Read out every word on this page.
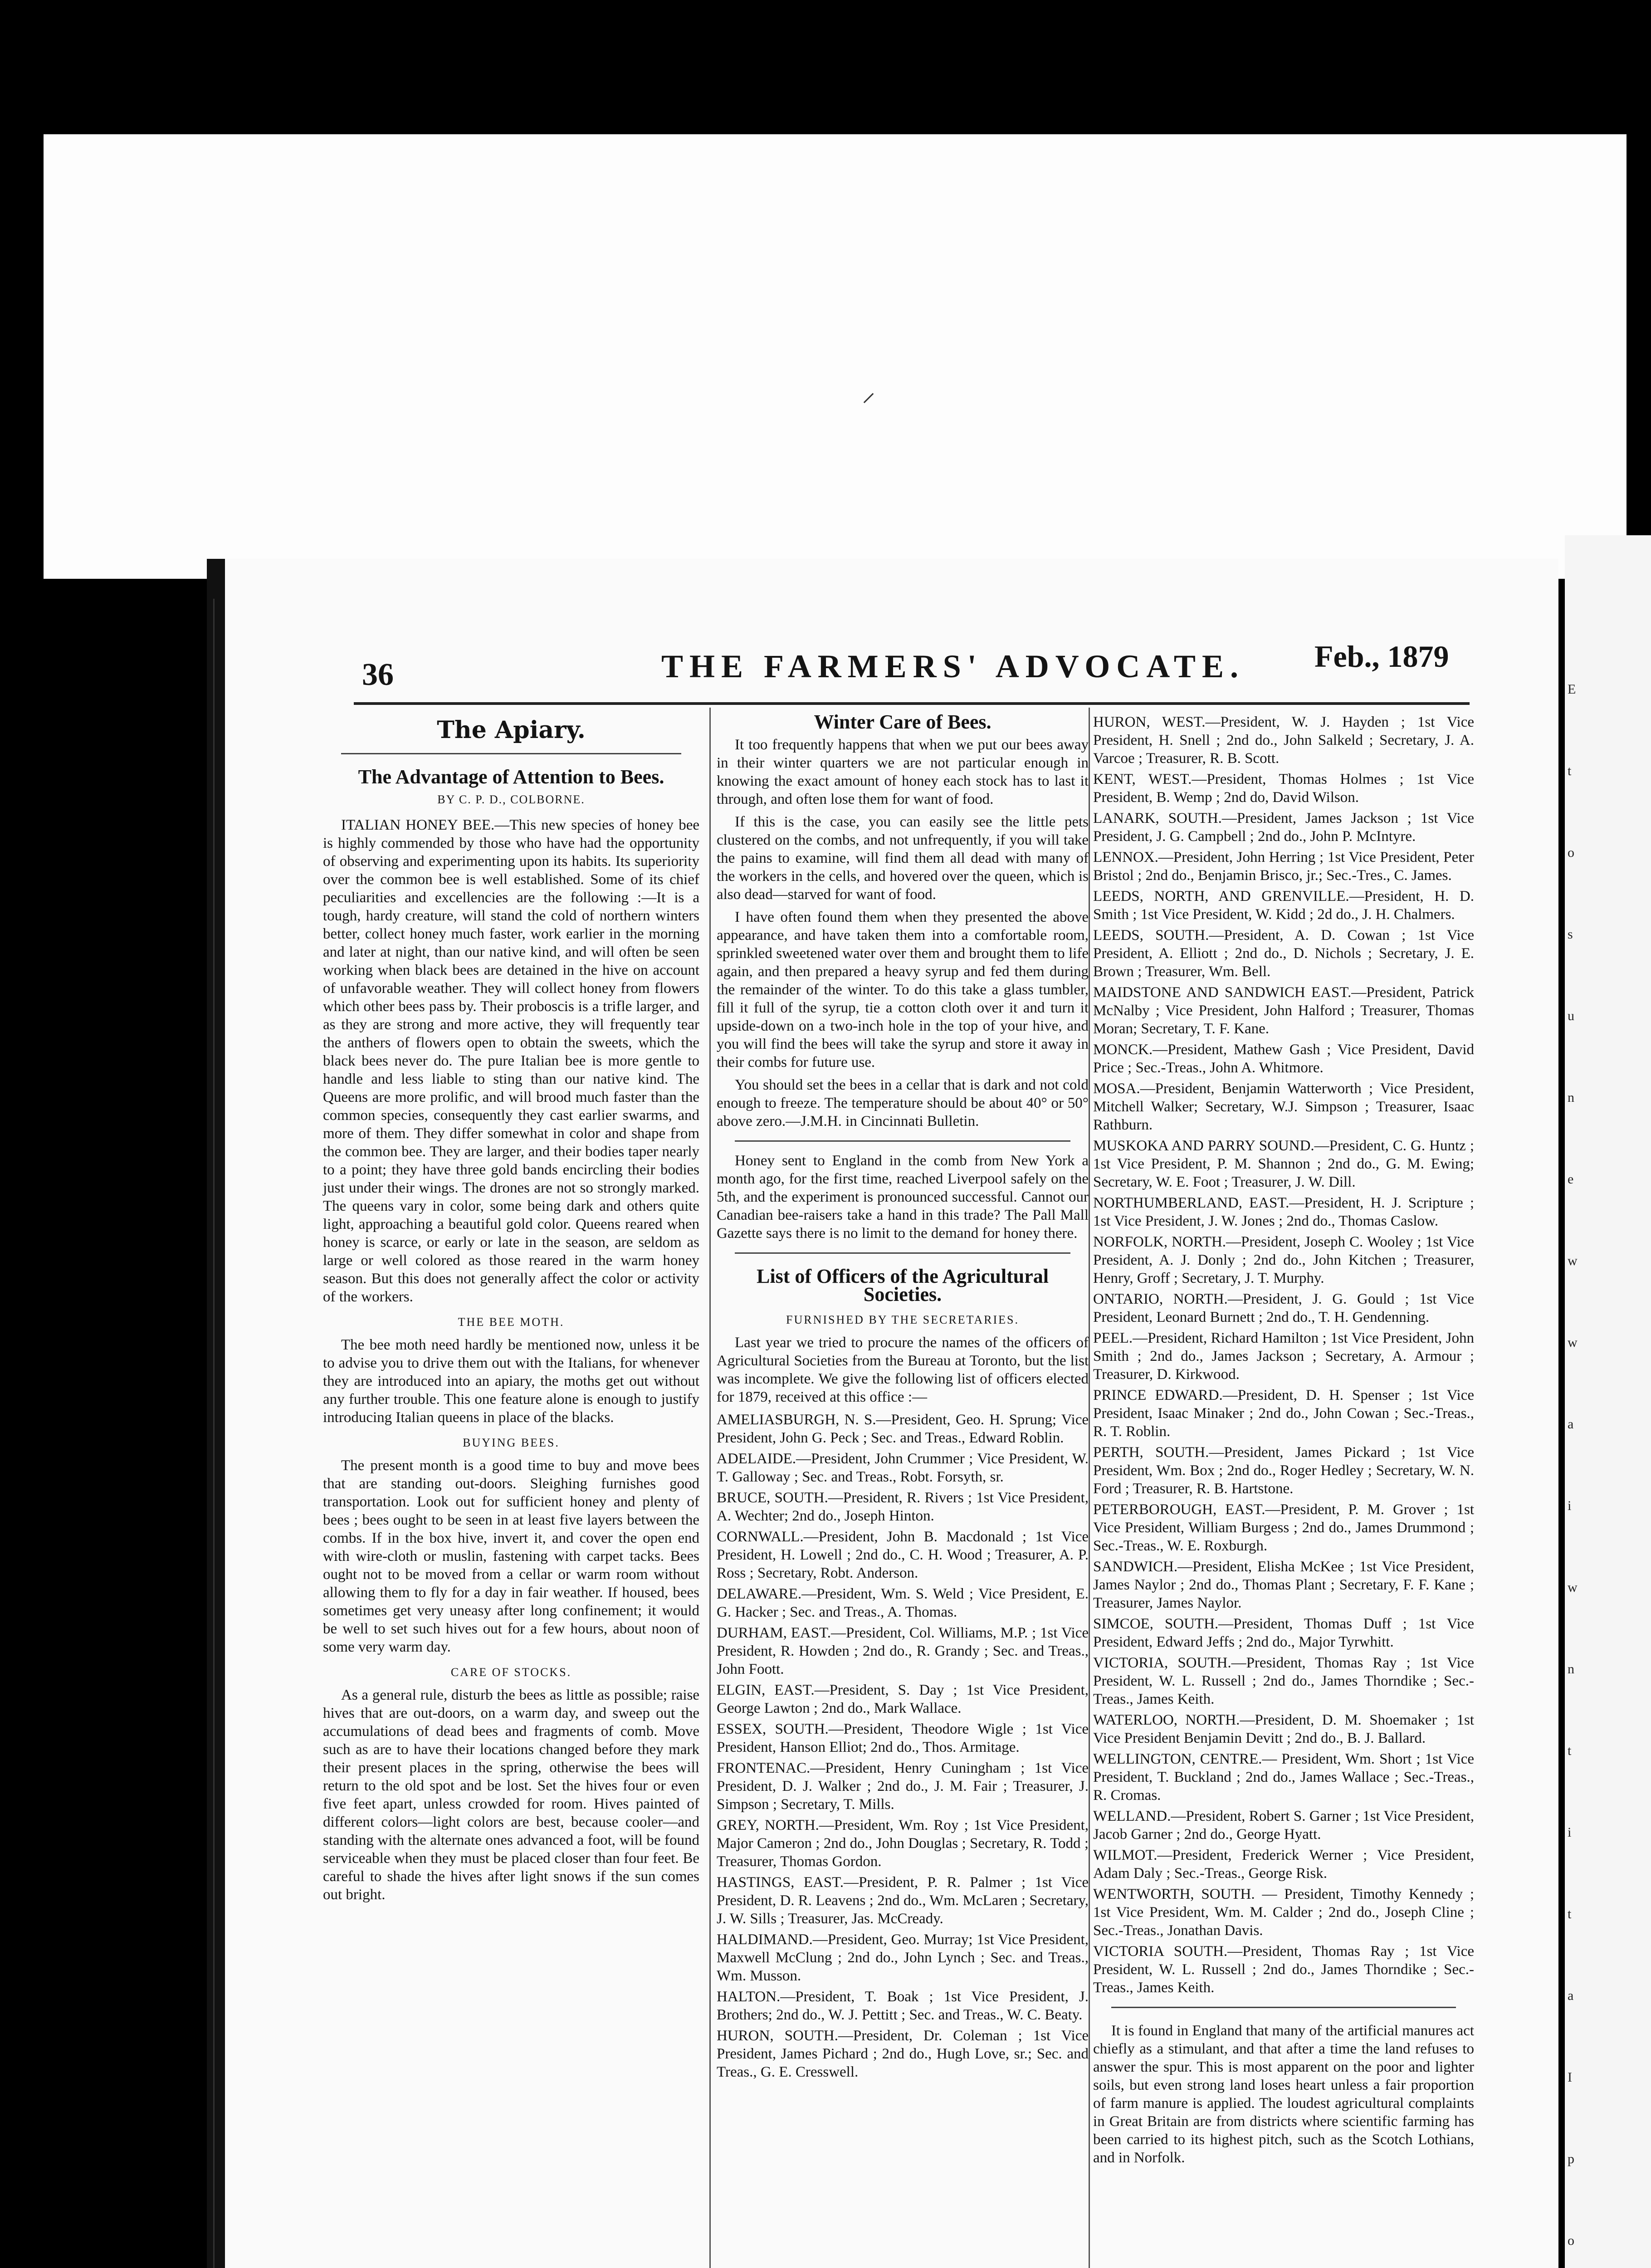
⸝
36	THE FARMERS' ADVOCATE. Feb., 1879
The Apiary.
The Advantage of Attention to Bees.
BY C. P. D., COLBORNE.

ITALIAN HONEY BEE.—This new species of honey bee is highly commended by those who have had the opportunity of observing and experimenting upon its habits. Its superiority over the common bee is well established. Some of its chief peculiarities and excellencies are the following :—It is a tough, hardy creature, will stand the cold of northern winters better, collect honey much faster, work earlier in the morning and later at night, than our native kind, and will often be seen working when black bees are detained in the hive on account of unfavorable weather. They will collect honey from flowers which other bees pass by. Their proboscis is a trifle larger, and as they are strong and more active, they will frequently tear the anthers of flowers open to obtain the sweets, which the black bees never do. The pure Italian bee is more gentle to handle and less liable to sting than our native kind. The Queens are more prolific, and will brood much faster than the common species, consequently they cast earlier swarms, and more of them. They differ somewhat in color and shape from the common bee. They are larger, and their bodies taper nearly to a point; they have three gold bands encircling their bodies just under their wings. The drones are not so strongly marked. The queens vary in color, some being dark and others quite light, approaching a beautiful gold color. Queens reared when honey is scarce, or early or late in the season, are seldom as large or well colored as those reared in the warm honey season. But this does not generally affect the color or activity of the workers.

THE BEE MOTH.

The bee moth need hardly be mentioned now, unless it be to advise you to drive them out with the Italians, for whenever they are introduced into an apiary, the moths get out without any further trouble. This one feature alone is enough to justify introducing Italian queens in place of the blacks.

BUYING BEES.

The present month is a good time to buy and move bees that are standing out-doors. Sleighing furnishes good transportation. Look out for sufficient honey and plenty of bees ; bees ought to be seen in at least five layers between the combs. If in the box hive, invert it, and cover the open end with wire-cloth or muslin, fastening with carpet tacks. Bees ought not to be moved from a cellar or warm room without allowing them to fly for a day in fair weather. If housed, bees sometimes get very uneasy after long confinement; it would be well to set such hives out for a few hours, about noon of some very warm day.

CARE OF STOCKS.

As a general rule, disturb the bees as little as possible; raise hives that are out-doors, on a warm day, and sweep out the accumulations of dead bees and fragments of comb. Move such as are to have their locations changed before they mark their present places in the spring, otherwise the bees will return to the old spot and be lost. Set the hives four or even five feet apart, unless crowded for room. Hives painted of different colors—light colors are best, because cooler—and standing with the alternate ones advanced a foot, will be found serviceable when they must be placed closer than four feet. Be careful to shade the hives after light snows if the sun comes out bright.

Winter Care of Bees.

It too frequently happens that when we put our bees away in their winter quarters we are not particular enough in knowing the exact amount of honey each stock has to last it through, and often lose them for want of food.

If this is the case, you can easily see the little pets clustered on the combs, and not unfrequently, if you will take the pains to examine, will find them all dead with many of the workers in the cells, and hovered over the queen, which is also dead—starved for want of food.

I have often found them when they presented the above appearance, and have taken them into a comfortable room, sprinkled sweetened water over them and brought them to life again, and then prepared a heavy syrup and fed them during the remainder of the winter. To do this take a glass tumbler, fill it full of the syrup, tie a cotton cloth over it and turn it upside-down on a two-inch hole in the top of your hive, and you will find the bees will take the syrup and store it away in their combs for future use.

You should set the bees in a cellar that is dark and not cold enough to freeze. The temperature should be about 40° or 50° above zero.—J.M.H. in Cincinnati Bulletin.

Honey sent to England in the comb from New York a month ago, for the first time, reached Liverpool safely on the 5th, and the experiment is pronounced successful. Cannot our Canadian bee-raisers take a hand in this trade? The Pall Mall Gazette says there is no limit to the demand for honey there.

List of Officers of the Agricultural Societies.
FURNISHED BY THE SECRETARIES.

Last year we tried to procure the names of the officers of Agricultural Societies from the Bureau at Toronto, but the list was incomplete. We give the following list of officers elected for 1879, received at this office :—

AMELIASBURGH, N. S.—President, Geo. H. Sprung; Vice President, John G. Peck ; Sec. and Treas., Edward Roblin.

ADELAIDE.—President, John Crummer ; Vice President, W. T. Galloway ; Sec. and Treas., Robt. Forsyth, sr.

BRUCE, SOUTH.—President, R. Rivers ; 1st Vice President, A. Wechter; 2nd do., Joseph Hinton.

CORNWALL.—President, John B. Macdonald ; 1st Vice President, H. Lowell ; 2nd do., C. H. Wood ; Treasurer, A. P. Ross ; Secretary, Robt. Anderson.

DELAWARE.—President, Wm. S. Weld ; Vice President, E. G. Hacker ; Sec. and Treas., A. Thomas.

DURHAM, EAST.—President, Col. Williams, M.P. ; 1st Vice President, R. Howden ; 2nd do., R. Grandy ; Sec. and Treas., John Foott.

ELGIN, EAST.—President, S. Day ; 1st Vice President, George Lawton ; 2nd do., Mark Wallace.

ESSEX, SOUTH.—President, Theodore Wigle ; 1st Vice President, Hanson Elliot; 2nd do., Thos. Armitage.

FRONTENAC.—President, Henry Cuningham ; 1st Vice President, D. J. Walker ; 2nd do., J. M. Fair ; Treasurer, J. Simpson ; Secretary, T. Mills.

GREY, NORTH.—President, Wm. Roy ; 1st Vice President, Major Cameron ; 2nd do., John Douglas ; Secretary, R. Todd ; Treasurer, Thomas Gordon.

HASTINGS, EAST.—President, P. R. Palmer ; 1st Vice President, D. R. Leavens ; 2nd do., Wm. McLaren ; Secretary, J. W. Sills ; Treasurer, Jas. McCready.

HALDIMAND.—President, Geo. Murray; 1st Vice President, Maxwell McClung ; 2nd do., John Lynch ; Sec. and Treas., Wm. Musson.

HALTON.—President, T. Boak ; 1st Vice President, J. Brothers; 2nd do., W. J. Pettitt ; Sec. and Treas., W. C. Beaty.

HURON, SOUTH.—President, Dr. Coleman ; 1st Vice President, James Pichard ; 2nd do., Hugh Love, sr.; Sec. and Treas., G. E. Cresswell.

HURON, WEST.—President, W. J. Hayden ; 1st Vice President, H. Snell ; 2nd do., John Salkeld ; Secretary, J. A. Varcoe ; Treasurer, R. B. Scott.

KENT, WEST.—President, Thomas Holmes ; 1st Vice President, B. Wemp ; 2nd do, David Wilson.

LANARK, SOUTH.—President, James Jackson ; 1st Vice President, J. G. Campbell ; 2nd do., John P. McIntyre.

LENNOX.—President, John Herring ; 1st Vice President, Peter Bristol ; 2nd do., Benjamin Brisco, jr.; Sec.-Tres., C. James.

LEEDS, NORTH, AND GRENVILLE.—President, H. D. Smith ; 1st Vice President, W. Kidd ; 2d do., J. H. Chalmers.

LEEDS, SOUTH.—President, A. D. Cowan ; 1st Vice President, A. Elliott ; 2nd do., D. Nichols ; Secretary, J. E. Brown ; Treasurer, Wm. Bell.

MAIDSTONE AND SANDWICH EAST.—President, Patrick McNalby ; Vice President, John Halford ; Treasurer, Thomas Moran; Secretary, T. F. Kane.

MONCK.—President, Mathew Gash ; Vice President, David Price ; Sec.-Treas., John A. Whitmore.

MOSA.—President, Benjamin Watterworth ; Vice President, Mitchell Walker; Secretary, W.J. Simpson ; Treasurer, Isaac Rathburn.

MUSKOKA AND PARRY SOUND.—President, C. G. Huntz ; 1st Vice President, P. M. Shannon ; 2nd do., G. M. Ewing; Secretary, W. E. Foot ; Treasurer, J. W. Dill.

NORTHUMBERLAND, EAST.—President, H. J. Scripture ; 1st Vice President, J. W. Jones ; 2nd do., Thomas Caslow.

NORFOLK, NORTH.—President, Joseph C. Wooley ; 1st Vice President, A. J. Donly ; 2nd do., John Kitchen ; Treasurer, Henry, Groff ; Secretary, J. T. Murphy.

ONTARIO, NORTH.—President, J. G. Gould ; 1st Vice President, Leonard Burnett ; 2nd do., T. H. Gendenning.

PEEL.—President, Richard Hamilton ; 1st Vice President, John Smith ; 2nd do., James Jackson ; Secretary, A. Armour ; Treasurer, D. Kirkwood.

PRINCE EDWARD.—President, D. H. Spenser ; 1st Vice President, Isaac Minaker ; 2nd do., John Cowan ; Sec.-Treas., R. T. Roblin.

PERTH, SOUTH.—President, James Pickard ; 1st Vice President, Wm. Box ; 2nd do., Roger Hedley ; Secretary, W. N. Ford ; Treasurer, R. B. Hartstone.

PETERBOROUGH, EAST.—President, P. M. Grover ; 1st Vice President, William Burgess ; 2nd do., James Drummond ; Sec.-Treas., W. E. Roxburgh.

SANDWICH.—President, Elisha McKee ; 1st Vice President, James Naylor ; 2nd do., Thomas Plant ; Secretary, F. F. Kane ; Treasurer, James Naylor.

SIMCOE, SOUTH.—President, Thomas Duff ; 1st Vice President, Edward Jeffs ; 2nd do., Major Tyrwhitt.

VICTORIA, SOUTH.—President, Thomas Ray ; 1st Vice President, W. L. Russell ; 2nd do., James Thorndike ; Sec.-Treas., James Keith.

WATERLOO, NORTH.—President, D. M. Shoemaker ; 1st Vice President Benjamin Devitt ; 2nd do., B. J. Ballard.

WELLINGTON, CENTRE.— President, Wm. Short ; 1st Vice President, T. Buckland ; 2nd do., James Wallace ; Sec.-Treas., R. Cromas.

WELLAND.—President, Robert S. Garner ; 1st Vice President, Jacob Garner ; 2nd do., George Hyatt.

WILMOT.—President, Frederick Werner ; Vice President, Adam Daly ; Sec.-Treas., George Risk.

WENTWORTH, SOUTH. — President, Timothy Kennedy ; 1st Vice President, Wm. M. Calder ; 2nd do., Joseph Cline ; Sec.-Treas., Jonathan Davis.

VICTORIA SOUTH.—President, Thomas Ray ; 1st Vice President, W. L. Russell ; 2nd do., James Thorndike ; Sec.-Treas., James Keith.

It is found in England that many of the artificial manures act chiefly as a stimulant, and that after a time the land refuses to answer the spur. This is most apparent on the poor and lighter soils, but even strong land loses heart unless a fair proportion of farm manure is applied. The loudest agricultural complaints in Great Britain are from districts where scientific farming has been carried to its highest pitch, such as the Scotch Lothians, and in Norfolk.

E
t
o
s
u
n
e
w
w
a
i
w
n
t
i
t
a
I
p
o
